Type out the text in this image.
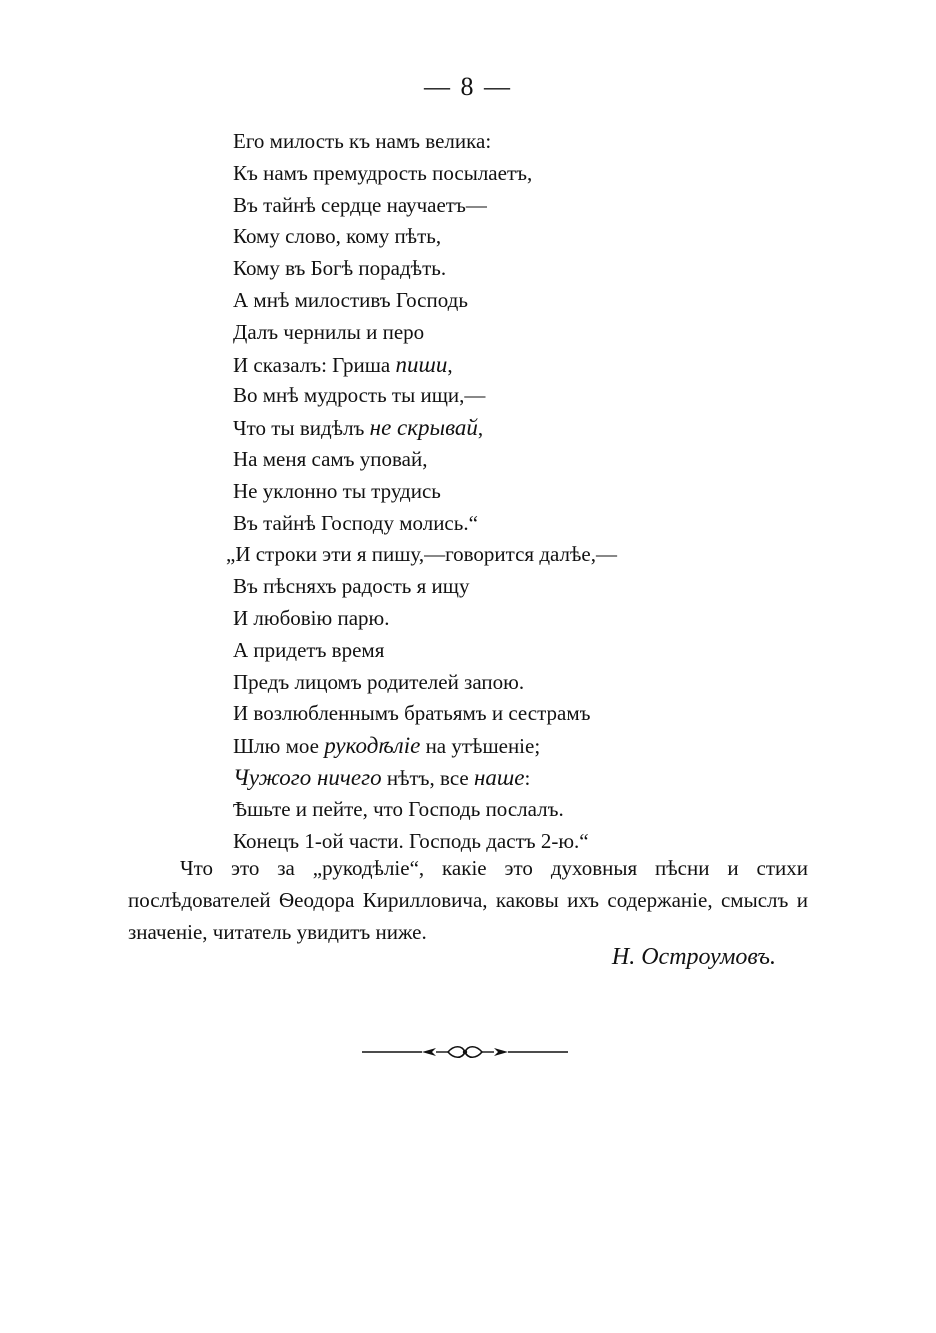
— 8 —
Его милость къ намъ велика:
Къ намъ премудрость посылаетъ,
Въ тайнѣ сердце научаетъ—
Кому слово, кому пѣть,
Кому въ Богѣ порадѣть.
А мнѣ милостивъ Господь
Далъ чернилы и перо
И сказалъ: Гриша пиши,
Во мнѣ мудрость ты ищи,—
Что ты видѣлъ не скрывай,
На меня самъ уповай,
Не уклонно ты трудись
Въ тайнѣ Господу молись.“
„И строки эти я пишу,—говорится далѣе,—
Въ пѣсняхъ радость я ищу
И любовію парю.
А придетъ время
Предъ лицомъ родителей запою.
И возлюбленнымъ братьямъ и сестрамъ
Шлю мое рукодѣліе на утѣшеніе;
Чужого ничего нѣтъ, все наше:
Ѣшьте и пейте, что Господь послалъ.
Конецъ 1-ой части. Господь дастъ 2-ю.“
Что это за „рукодѣліе“, какіе это духовныя пѣсни и стихи послѣдователей Ѳеодора Кирилловича, каковы ихъ содержаніе, смыслъ и значеніе, читатель увидитъ ниже.
Н. Остроумовъ.
